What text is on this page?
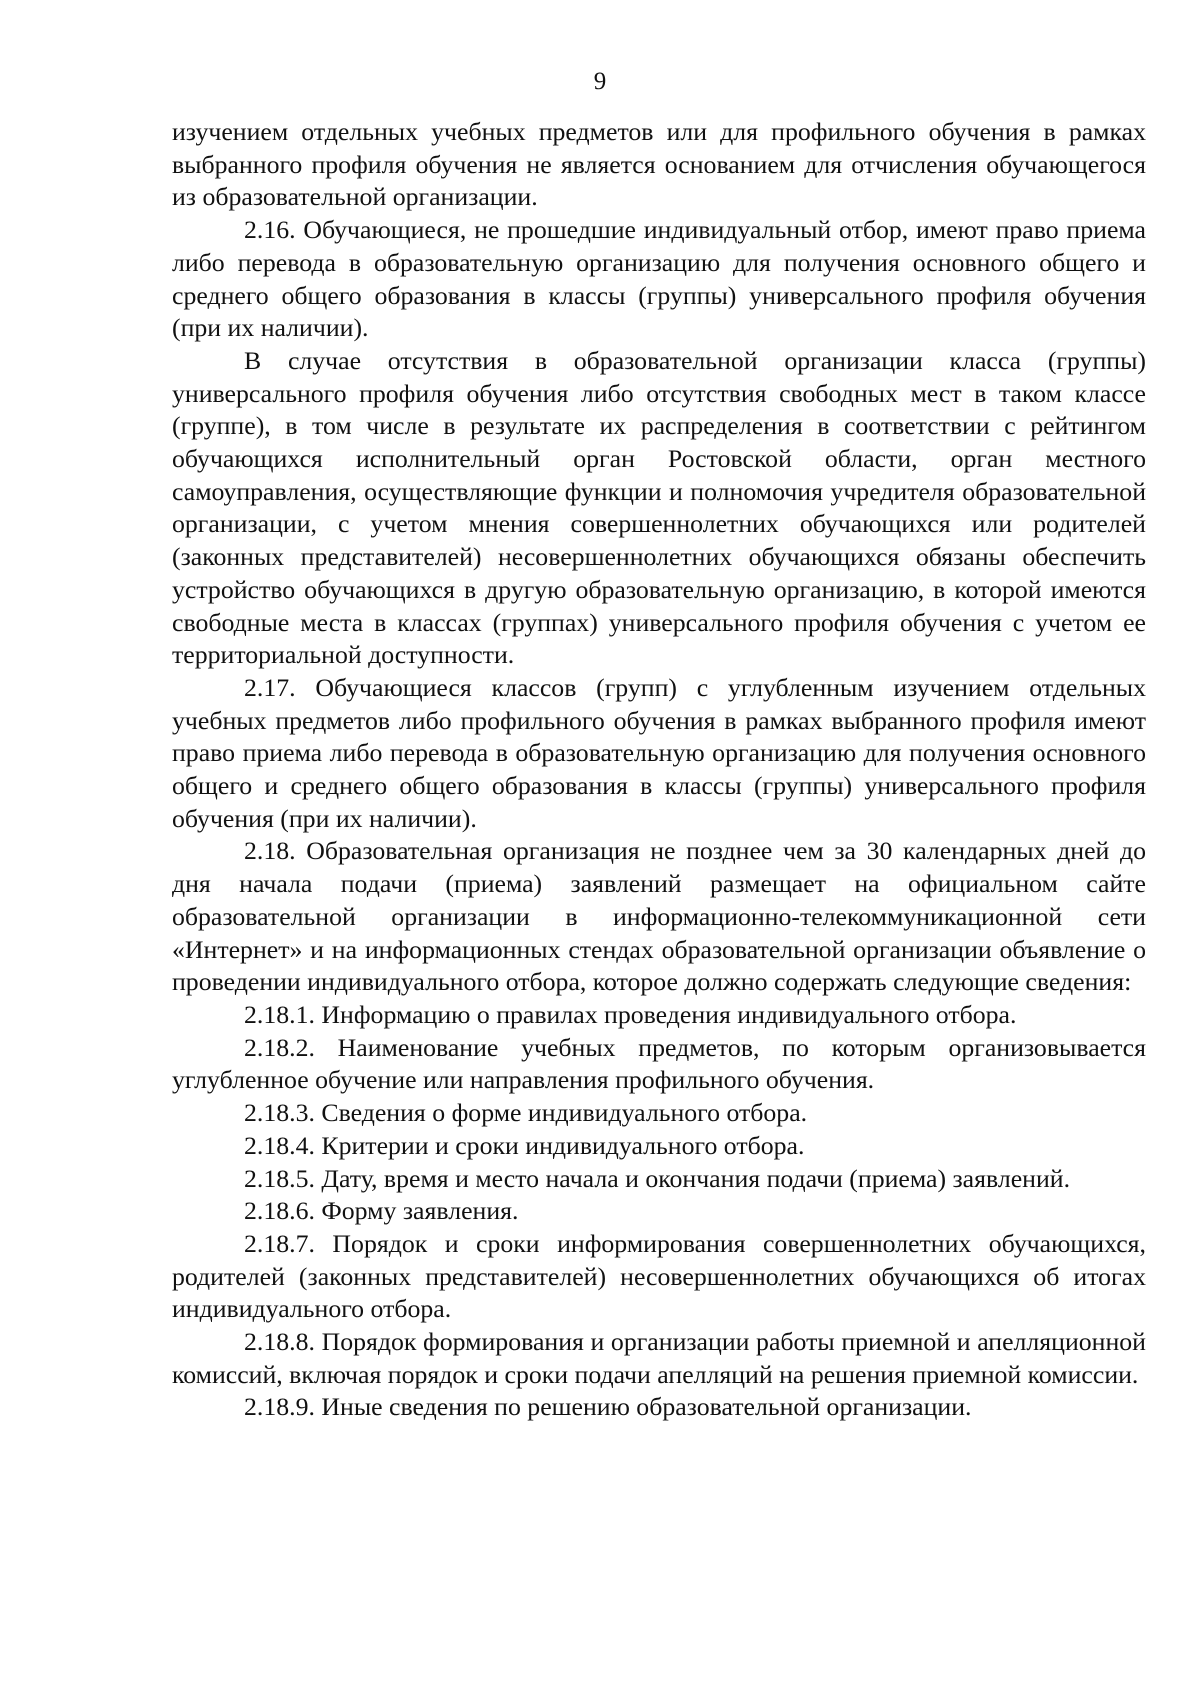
9

изучением отдельных учебных предметов или для профильного обучения в рамках выбранного профиля обучения не является основанием для отчисления обучающегося из образовательной организации.

2.16. Обучающиеся, не прошедшие индивидуальный отбор, имеют право приема либо перевода в образовательную организацию для получения основного общего и среднего общего образования в классы (группы) универсального профиля обучения (при их наличии).

В случае отсутствия в образовательной организации класса (группы) универсального профиля обучения либо отсутствия свободных мест в таком классе (группе), в том числе в результате их распределения в соответствии с рейтингом обучающихся исполнительный орган Ростовской области, орган местного самоуправления, осуществляющие функции и полномочия учредителя образовательной организации, с учетом мнения совершеннолетних обучающихся или родителей (законных представителей) несовершеннолетних обучающихся обязаны обеспечить устройство обучающихся в другую образовательную организацию, в которой имеются свободные места в классах (группах) универсального профиля обучения с учетом ее территориальной доступности.

2.17. Обучающиеся классов (групп) с углубленным изучением отдельных учебных предметов либо профильного обучения в рамках выбранного профиля имеют право приема либо перевода в образовательную организацию для получения основного общего и среднего общего образования в классы (группы) универсального профиля обучения (при их наличии).

2.18. Образовательная организация не позднее чем за 30 календарных дней до дня начала подачи (приема) заявлений размещает на официальном сайте образовательной организации в информационно-телекоммуникационной сети «Интернет» и на информационных стендах образовательной организации объявление о проведении индивидуального отбора, которое должно содержать следующие сведения:

2.18.1. Информацию о правилах проведения индивидуального отбора.

2.18.2. Наименование учебных предметов, по которым организовывается углубленное обучение или направления профильного обучения.

2.18.3. Сведения о форме индивидуального отбора.

2.18.4. Критерии и сроки индивидуального отбора.

2.18.5. Дату, время и место начала и окончания подачи (приема) заявлений.

2.18.6. Форму заявления.

2.18.7. Порядок и сроки информирования совершеннолетних обучающихся, родителей (законных представителей) несовершеннолетних обучающихся об итогах индивидуального отбора.

2.18.8. Порядок формирования и организации работы приемной и апелляционной комиссий, включая порядок и сроки подачи апелляций на решения приемной комиссии.

2.18.9. Иные сведения по решению образовательной организации.
